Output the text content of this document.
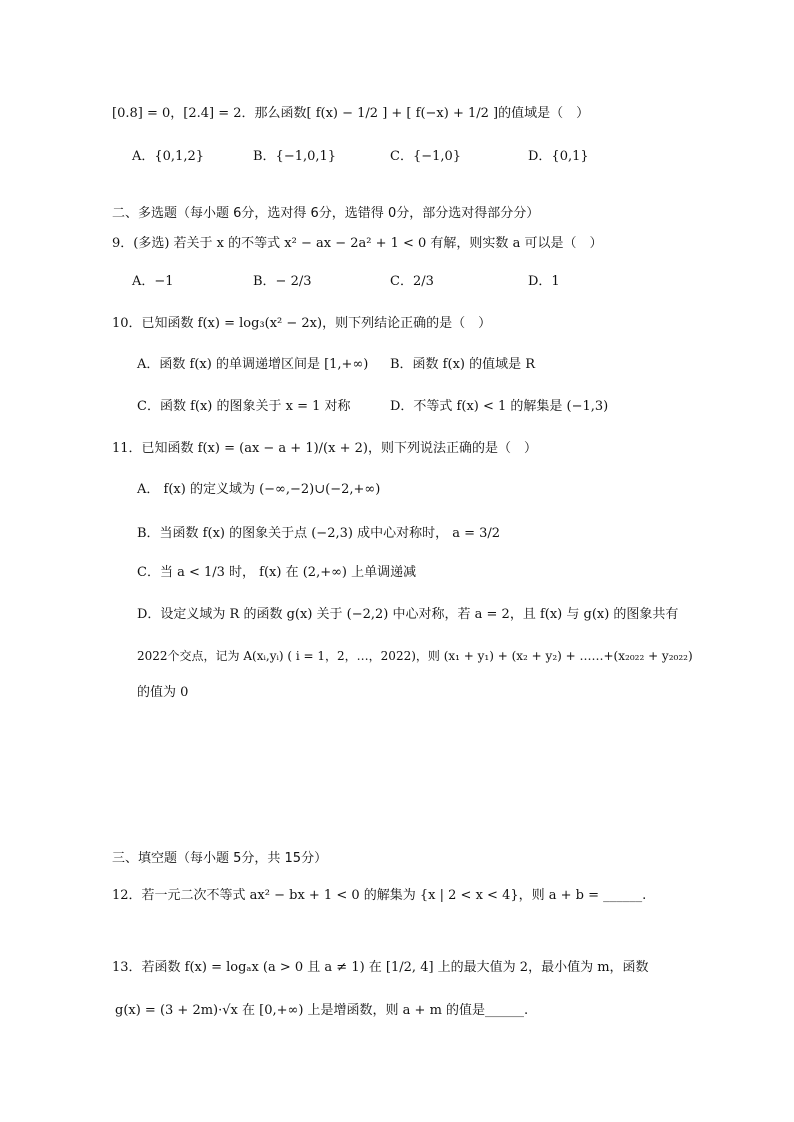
[0.8] = 0，[2.4] = 2．那么函数[ f(x) − 1/2 ] + [ f(−x) + 1/2 ]的值域是（　）
A．{0,1,2}	B．{−1,0,1}	C．{−1,0}	D．{0,1}
二、多选题（每小题 6分，选对得 6分，选错得 0分，部分选对得部分分）
9．(多选) 若关于 x 的不等式 x² − ax − 2a² + 1 < 0 有解，则实数 a 可以是（　）
A．−1	B．− 2/3	C．2/3	D．1
10．已知函数 f(x) = log₃(x² − 2x)，则下列结论正确的是（　）
A．函数 f(x) 的单调递增区间是 [1,+∞) B．函数 f(x) 的值域是 R
C．函数 f(x) 的图象关于 x = 1 对称	D．不等式 f(x) < 1 的解集是 (−1,3)
11．已知函数 f(x) = (ax − a + 1)/(x + 2)，则下列说法正确的是（　）
A． f(x) 的定义域为 (−∞,−2)∪(−2,+∞)
B．当函数 f(x) 的图象关于点 (−2,3) 成中心对称时， a = 3/2
C．当 a < 1/3 时， f(x) 在 (2,+∞) 上单调递减
D．设定义域为 R 的函数 g(x) 关于 (−2,2) 中心对称，若 a = 2，且 f(x) 与 g(x) 的图象共有
2022个交点，记为 A(xᵢ,yᵢ) ( i = 1，2，…，2022)，则 (x₁ + y₁) + (x₂ + y₂) + ……+(x₂₀₂₂ + y₂₀₂₂)
的值为 0
三、填空题（每小题 5分，共 15分）
12．若一元二次不等式 ax² − bx + 1 < 0 的解集为 {x | 2 < x < 4}，则 a + b = ______.
13．若函数 f(x) = logₐx (a > 0 且 a ≠ 1) 在 [1/2, 4] 上的最大值为 2，最小值为 m，函数
g(x) = (3 + 2m)·√x 在 [0,+∞) 上是增函数，则 a + m 的值是______.
